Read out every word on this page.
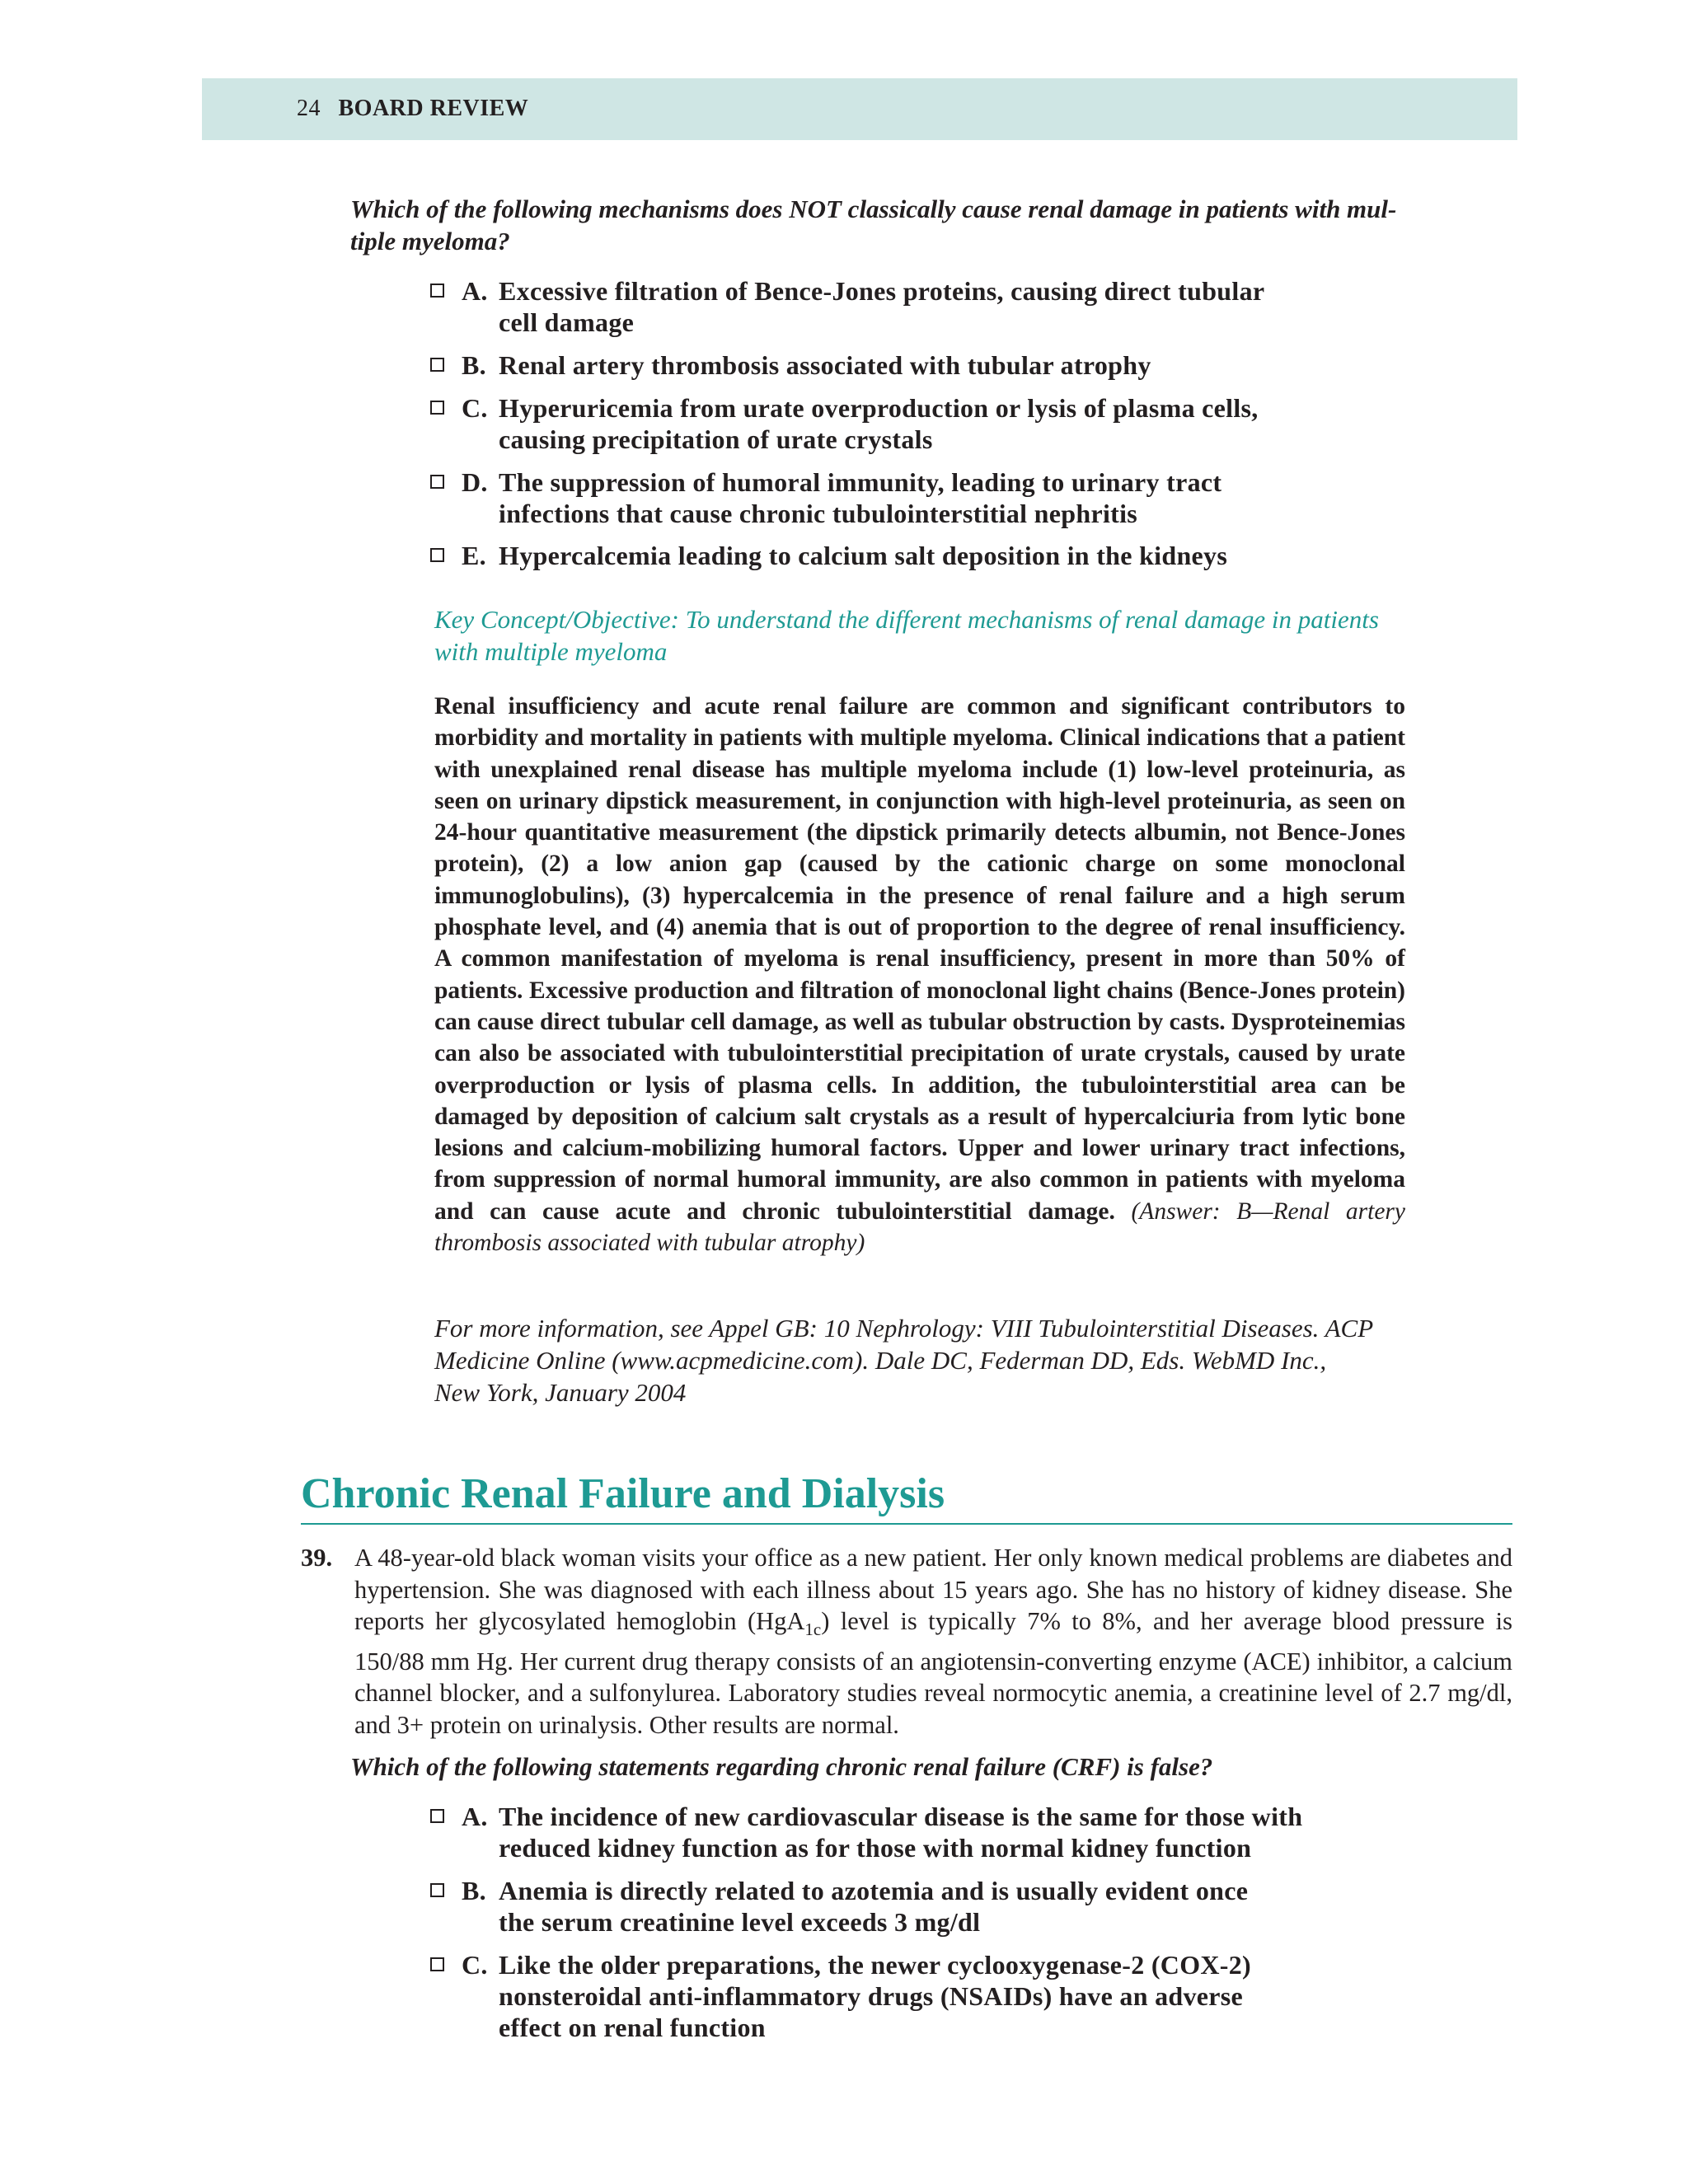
24 BOARD REVIEW
Which of the following mechanisms does NOT classically cause renal damage in patients with mul-
tiple myeloma?
A. Excessive filtration of Bence-Jones proteins, causing direct tubular
cell damage
B. Renal artery thrombosis associated with tubular atrophy
C. Hyperuricemia from urate overproduction or lysis of plasma cells,
causing precipitation of urate crystals
D. The suppression of humoral immunity, leading to urinary tract
infections that cause chronic tubulointerstitial nephritis
E. Hypercalcemia leading to calcium salt deposition in the kidneys
Key Concept/Objective: To understand the different mechanisms of renal damage in patients
with multiple myeloma

Renal insufficiency and acute renal failure are common and significant contributors to morbidity and mortality in patients with multiple myeloma. Clinical indications that a patient with unexplained renal disease has multiple myeloma include (1) low-level proteinuria, as seen on urinary dipstick measurement, in conjunction with high-level proteinuria, as seen on 24-hour quantitative measurement (the dipstick primarily detects albumin, not Bence-Jones protein), (2) a low anion gap (caused by the cationic charge on some monoclonal immunoglobulins), (3) hypercalcemia in the presence of renal failure and a high serum phosphate level, and (4) anemia that is out of proportion to the degree of renal insufficiency. A common manifestation of myeloma is renal insufficiency, present in more than 50% of patients. Excessive production and filtration of monoclonal light chains (Bence-Jones protein) can cause direct tubular cell damage, as well as tubular obstruction by casts. Dysproteinemias can also be associated with tubulointerstitial precipitation of urate crystals, caused by urate overproduction or lysis of plasma cells. In addition, the tubulointerstitial area can be damaged by deposition of calcium salt crystals as a result of hypercalciuria from lytic bone lesions and calcium-mobilizing humoral factors. Upper and lower urinary tract infections, from suppression of normal humoral immunity, are also common in patients with myeloma and can cause acute and chronic tubulointerstitial damage. (Answer: B—Renal artery thrombosis associated with tubular atrophy)

For more information, see Appel GB: 10 Nephrology: VIII Tubulointerstitial Diseases. ACP
Medicine Online (www.acpmedicine.com). Dale DC, Federman DD, Eds. WebMD Inc.,
New York, January 2004
Chronic Renal Failure and Dialysis
39. A 48-year-old black woman visits your office as a new patient. Her only known medical problems are diabetes and hypertension. She was diagnosed with each illness about 15 years ago. She has no history of kidney disease. She reports her glycosylated hemoglobin (HgA$_{1c}$) level is typically 7% to 8%, and her average blood pressure is 150/88 mm Hg. Her current drug therapy consists of an angiotensin-converting enzyme (ACE) inhibitor, a calcium channel blocker, and a sulfonylurea. Laboratory studies reveal normocytic anemia, a creatinine level of 2.7 mg/dl, and 3+ protein on urinalysis. Other results are normal.

Which of the following statements regarding chronic renal failure (CRF) is false?
A. The incidence of new cardiovascular disease is the same for those with
reduced kidney function as for those with normal kidney function
B. Anemia is directly related to azotemia and is usually evident once
the serum creatinine level exceeds 3 mg/dl
C. Like the older preparations, the newer cyclooxygenase-2 (COX-2)
nonsteroidal anti-inflammatory drugs (NSAIDs) have an adverse
effect on renal function
